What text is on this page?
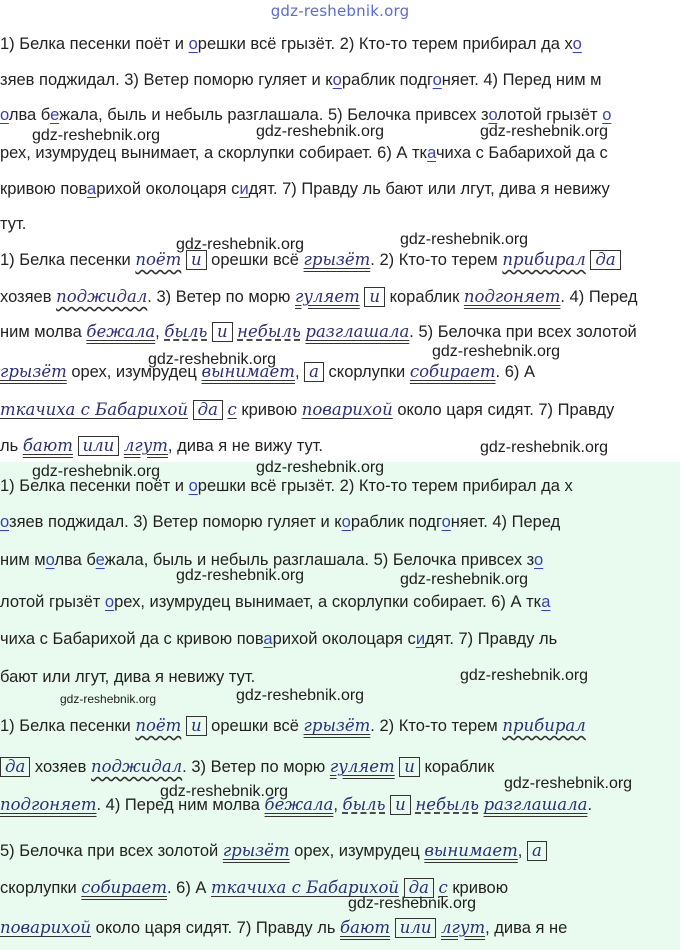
gdz-reshebnik.org
1) Белка песенки поёт и орешки всё грызёт. 2) Кто-то терем прибирал да хо
зяев поджидал. 3) Ветер поморю гуляет и кораблик подгоняет. 4) Перед ним м
олва бежала, быль и небыль разглашала. 5) Белочка привсех золотой грызёт о
рех, изумрудец вынимает, а скорлупки собирает. 6) А ткачиха с Бабарихой да с
кривою поварихой околоцаря сидят. 7) Правду ль бают или лгут, дива я невижу
тут.
1) Белка песенки поёт и орешки всё грызёт. 2) Кто-то терем прибирал да
хозяев поджидал. 3) Ветер по морю гуляет и кораблик подгоняет. 4) Перед
ним молва бежала, быль и небыль разглашала. 5) Белочка при всех золотой
грызёт орех, изумрудец вынимает, а скорлупки собирает. 6) А
ткачиха с Бабарихой да с кривою поварихой около царя сидят. 7) Правду
ль бают или лгут, дива я не вижу тут.
1) Белка песенки поёт и орешки всё грызёт. 2) Кто-то терем прибирал да х
озяев поджидал. 3) Ветер поморю гуляет и кораблик подгоняет. 4) Перед
ним молва бежала, быль и небыль разглашала. 5) Белочка привсех зо
лотой грызёт орех, изумрудец вынимает, а скорлупки собирает. 6) А тка
чиха с Бабарихой да с кривою поварихой околоцаря сидят. 7) Правду ль
бают или лгут, дива я невижу тут.
1) Белка песенки поёт и орешки всё грызёт. 2) Кто-то терем прибирал
да хозяев поджидал. 3) Ветер по морю гуляет и кораблик
подгоняет. 4) Перед ним молва бежала, быль и небыль разглашала.
5) Белочка при всех золотой грызёт орех, изумрудец вынимает, а
скорлупки собирает. 6) А ткачиха с Бабарихой да с кривою
поварихой около царя сидят. 7) Правду ль бают или лгут, дива я не
gdz-reshebnik.org	gdz-reshebnik.org	gdz-reshebnik.org
gdz-reshebnik.org	gdz-reshebnik.org
gdz-reshebnik.org	gdz-reshebnik.org
gdz-reshebnik.org
gdz-reshebnik.org	gdz-reshebnik.org
gdz-reshebnik.org	gdz-reshebnik.org
gdz-reshebnik.org
gdz-reshebnik.org	gdz-reshebnik.org
gdz-reshebnik.org	gdz-reshebnik.org
gdz-reshebnik.org
